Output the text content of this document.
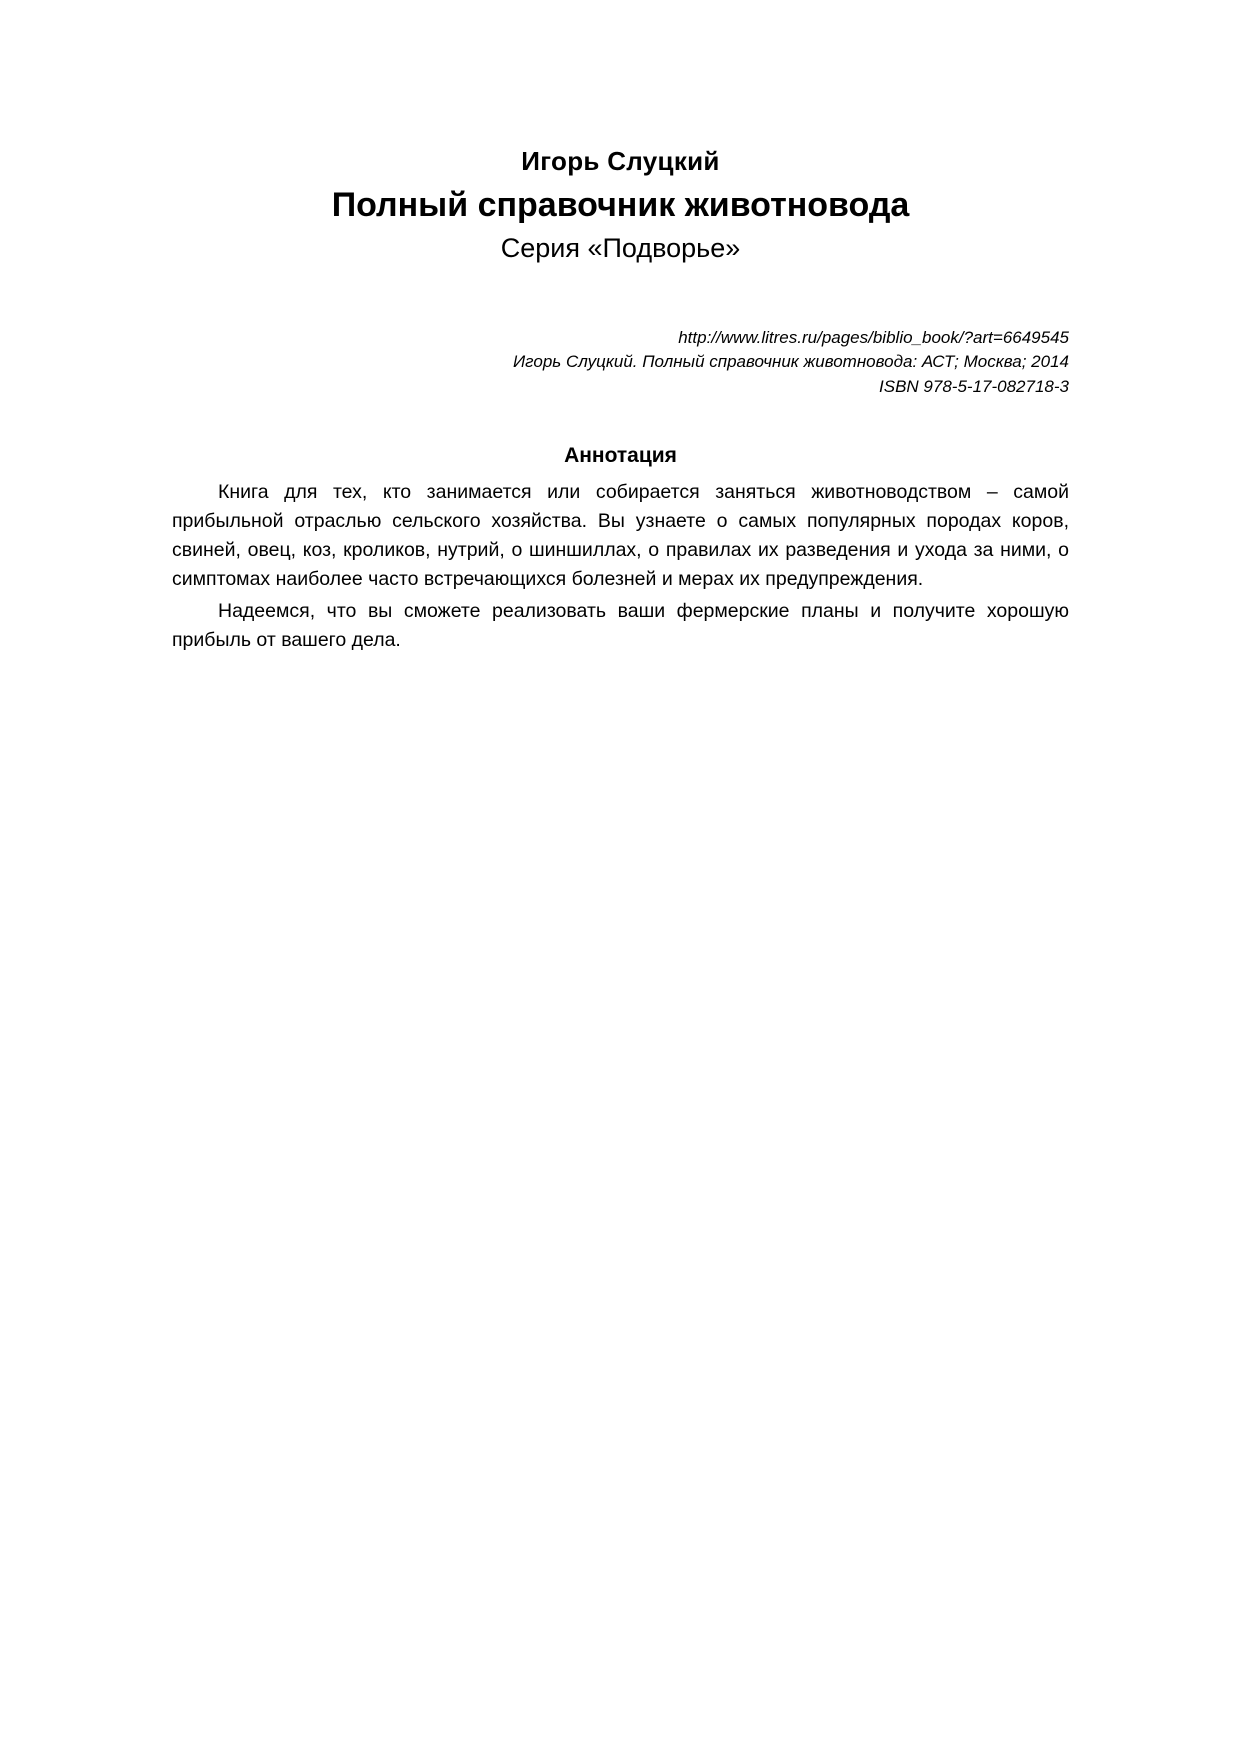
Игорь Слуцкий
Полный справочник животновода
Серия «Подворье»
http://www.litres.ru/pages/biblio_book/?art=6649545
Игорь Слуцкий. Полный справочник животновода: АСТ; Москва; 2014
ISBN 978-5-17-082718-3
Аннотация

Книга для тех, кто занимается или собирается заняться животноводством – самой прибыльной отраслью сельского хозяйства. Вы узнаете о самых популярных породах коров, свиней, овец, коз, кроликов, нутрий, о шиншиллах, о правилах их разведения и ухода за ними, о симптомах наиболее часто встречающихся болезней и мерах их предупреждения.

Надеемся, что вы сможете реализовать ваши фермерские планы и получите хорошую прибыль от вашего дела.
